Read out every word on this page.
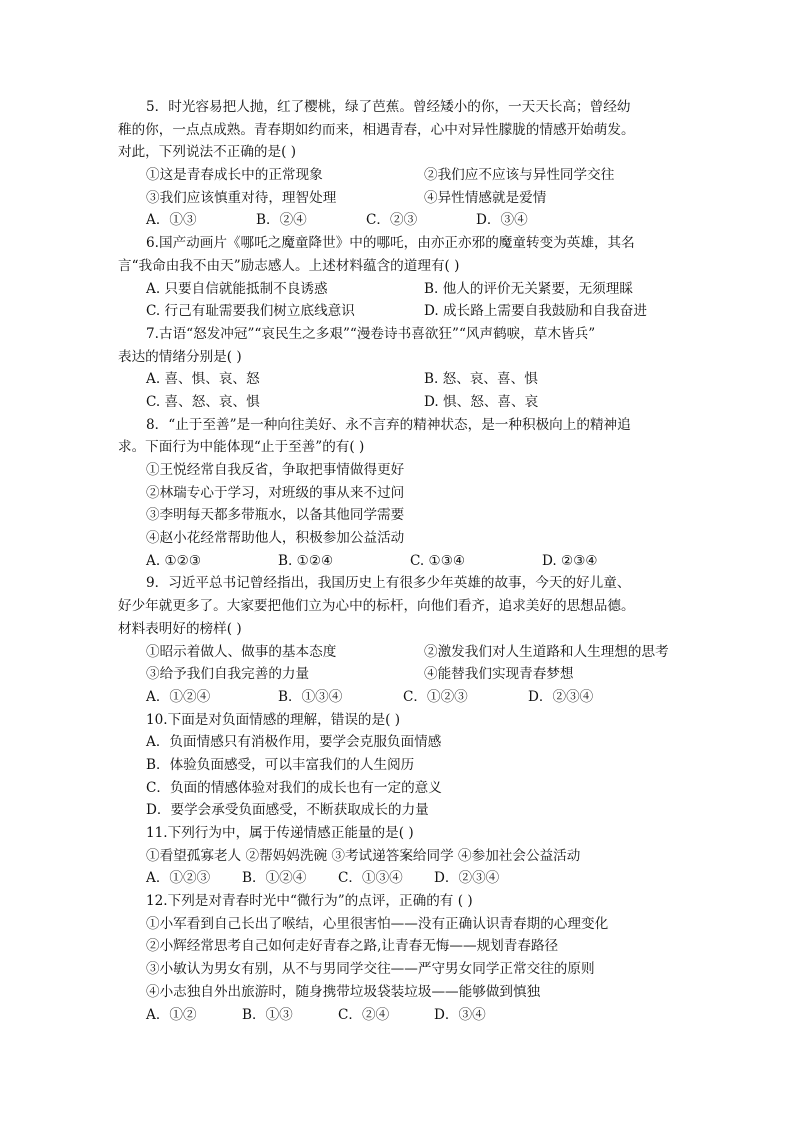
5．时光容易把人抛，红了樱桃，绿了芭蕉。曾经矮小的你，一天天长高；曾经幼
稚的你，一点点成熟。青春期如约而来，相遇青春，心中对异性朦胧的情感开始萌发。
对此，下列说法不正确的是( )
①这是青春成长中的正常现象	②我们应不应该与异性同学交往
③我们应该慎重对待，理智处理	④异性情感就是爱情
A．①③	B．②④	C．②③	D．③④
6.国产动画片《哪吒之魔童降世》中的哪吒，由亦正亦邪的魔童转变为英雄，其名
言“我命由我不由天”励志感人。上述材料蕴含的道理有( )
A. 只要自信就能抵制不良诱惑	B. 他人的评价无关紧要，无须理睬
C. 行己有耻需要我们树立底线意识	D. 成长路上需要自我鼓励和自我奋进
7.古语“怒发冲冠”“哀民生之多艰”“漫卷诗书喜欲狂”“风声鹤唳，草木皆兵”
表达的情绪分别是( )
A. 喜、惧、哀、怒	B. 怒、哀、喜、惧
C. 喜、怒、哀、惧	D. 惧、怒、喜、哀
8．“止于至善”是一种向往美好、永不言弃的精神状态，是一种积极向上的精神追
求。下面行为中能体现“止于至善”的有( )
①王悦经常自我反省，争取把事情做得更好
②林瑞专心于学习，对班级的事从来不过问
③李明每天都多带瓶水，以备其他同学需要
④赵小花经常帮助他人，积极参加公益活动
A. ①②③	B. ①②④	C. ①③④	D. ②③④
9．习近平总书记曾经指出，我国历史上有很多少年英雄的故事，今天的好儿童、
好少年就更多了。大家要把他们立为心中的标杆，向他们看齐，追求美好的思想品德。
材料表明好的榜样( )
①昭示着做人、做事的基本态度	②激发我们对人生道路和人生理想的思考
③给予我们自我完善的力量	④能替我们实现青春梦想
A．①②④	B．①③④	C．①②③	D．②③④
10.下面是对负面情感的理解，错误的是( )
A．负面情感只有消极作用，要学会克服负面情感
B．体验负面感受，可以丰富我们的人生阅历
C．负面的情感体验对我们的成长也有一定的意义
D．要学会承受负面感受，不断获取成长的力量
11.下列行为中，属于传递情感正能量的是( )
①看望孤寡老人 ②帮妈妈洗碗 ③考试递答案给同学 ④参加社会公益活动
A．①②③ B．①②④ C．①③④ D．②③④
12.下列是对青春时光中“微行为”的点评，正确的有 ( )
①小军看到自己长出了喉结，心里很害怕——没有正确认识青春期的心理变化
②小辉经常思考自己如何走好青春之路,让青春无悔——规划青春路径
③小敏认为男女有别，从不与男同学交往——严守男女同学正常交往的原则
④小志独自外出旅游时，随身携带垃圾袋装垃圾——能够做到慎独
A．①②	B．①③	C．②④	D．③④
